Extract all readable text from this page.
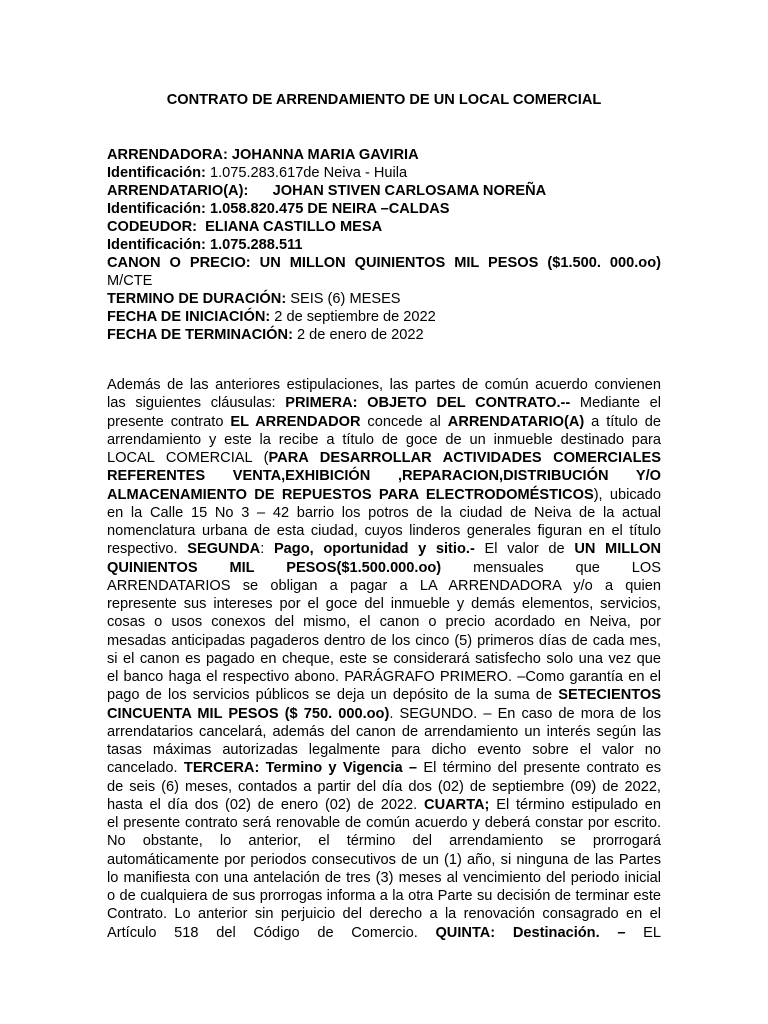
CONTRATO DE ARRENDAMIENTO DE UN LOCAL COMERCIAL
ARRENDADORA: JOHANNA MARIA GAVIRIA
Identificación: 1.075.283.617de Neiva - Huila
ARRENDATARIO(A): JOHAN STIVEN CARLOSAMA NOREÑA
Identificación: 1.058.820.475 DE NEIRA –CALDAS
CODEUDOR: ELIANA CASTILLO MESA
Identificación: 1.075.288.511
CANON O PRECIO: UN MILLON QUINIENTOS MIL PESOS ($1.500. 000.oo)
M/CTE
TERMINO DE DURACIÓN: SEIS (6) MESES
FECHA DE INICIACIÓN: 2 de septiembre de 2022
FECHA DE TERMINACIÓN: 2 de enero de 2022
Además de las anteriores estipulaciones, las partes de común acuerdo convienen
las siguientes cláusulas: PRIMERA: OBJETO DEL CONTRATO.-- Mediante el
presente contrato EL ARRENDADOR concede al ARRENDATARIO(A) a título de
arrendamiento y este la recibe a título de goce de un inmueble destinado para
LOCAL COMERCIAL (PARA DESARROLLAR ACTIVIDADES COMERCIALES
REFERENTES VENTA,EXHIBICIÓN ,REPARACION,DISTRIBUCIÓN Y/O
ALMACENAMIENTO DE REPUESTOS PARA ELECTRODOMÉSTICOS), ubicado
en la Calle 15 No 3 – 42 barrio los potros de la ciudad de Neiva de la actual
nomenclatura urbana de esta ciudad, cuyos linderos generales figuran en el título
respectivo. SEGUNDA: Pago, oportunidad y sitio.- El valor de UN MILLON
QUINIENTOS MIL PESOS($1.500.000.oo) mensuales que LOS
ARRENDATARIOS se obligan a pagar a LA ARRENDADORA y/o a quien
represente sus intereses por el goce del inmueble y demás elementos, servicios,
cosas o usos conexos del mismo, el canon o precio acordado en Neiva, por
mesadas anticipadas pagaderos dentro de los cinco (5) primeros días de cada mes,
si el canon es pagado en cheque, este se considerará satisfecho solo una vez que
el banco haga el respectivo abono. PARÁGRAFO PRIMERO. –Como garantía en el
pago de los servicios públicos se deja un depósito de la suma de SETECIENTOS
CINCUENTA MIL PESOS ($ 750. 000.oo). SEGUNDO. – En caso de mora de los
arrendatarios cancelará, además del canon de arrendamiento un interés según las
tasas máximas autorizadas legalmente para dicho evento sobre el valor no
cancelado. TERCERA: Termino y Vigencia – El término del presente contrato es
de seis (6) meses, contados a partir del día dos (02) de septiembre (09) de 2022,
hasta el día dos (02) de enero (02) de 2022. CUARTA; El término estipulado en
el presente contrato será renovable de común acuerdo y deberá constar por escrito.
No obstante, lo anterior, el término del arrendamiento se prorrogará
automáticamente por periodos consecutivos de un (1) año, si ninguna de las Partes
lo manifiesta con una antelación de tres (3) meses al vencimiento del periodo inicial
o de cualquiera de sus prorrogas informa a la otra Parte su decisión de terminar este
Contrato. Lo anterior sin perjuicio del derecho a la renovación consagrado en el
Artículo 518 del Código de Comercio. QUINTA: Destinación. – EL
